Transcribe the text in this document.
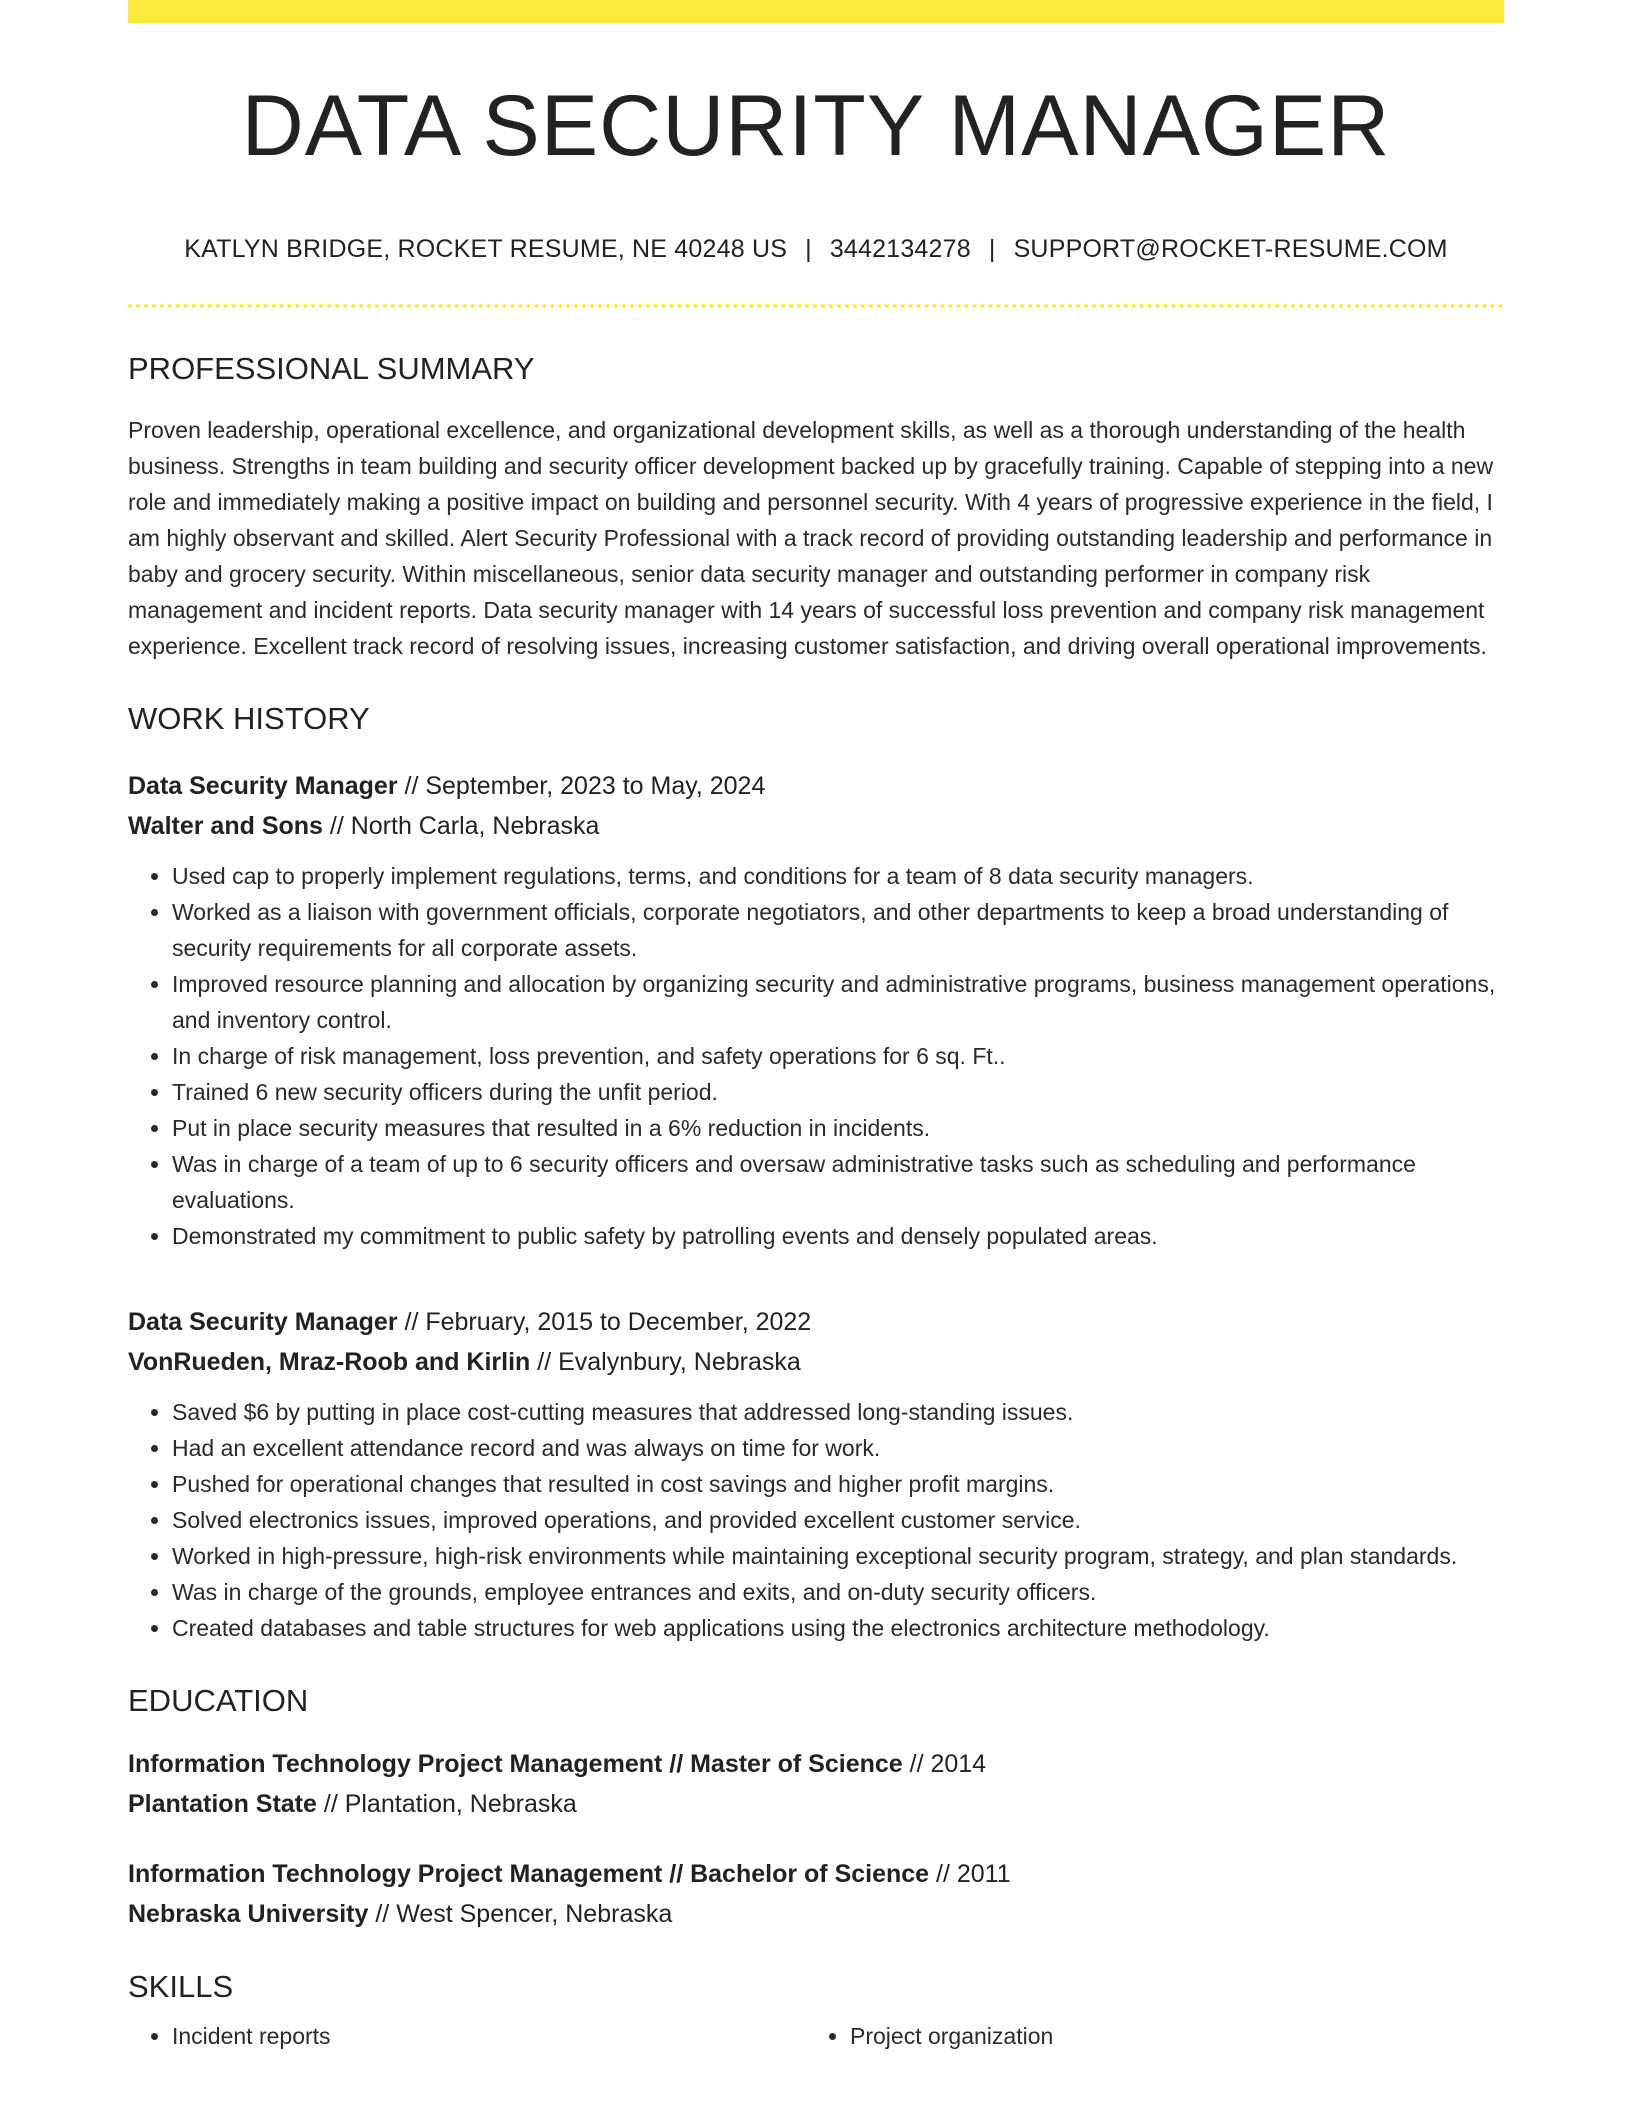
DATA SECURITY MANAGER
KATLYN BRIDGE, ROCKET RESUME, NE 40248 US | 3442134278 | SUPPORT@ROCKET-RESUME.COM
PROFESSIONAL SUMMARY

Proven leadership, operational excellence, and organizational development skills, as well as a thorough understanding of the health business. Strengths in team building and security officer development backed up by gracefully training. Capable of stepping into a new role and immediately making a positive impact on building and personnel security. With 4 years of progressive experience in the field, I am highly observant and skilled. Alert Security Professional with a track record of providing outstanding leadership and performance in baby and grocery security. Within miscellaneous, senior data security manager and outstanding performer in company risk management and incident reports. Data security manager with 14 years of successful loss prevention and company risk management experience. Excellent track record of resolving issues, increasing customer satisfaction, and driving overall operational improvements.

WORK HISTORY
Data Security Manager // September, 2023 to May, 2024
Walter and Sons // North Carla, Nebraska
• Used cap to properly implement regulations, terms, and conditions for a team of 8 data security managers.
• Worked as a liaison with government officials, corporate negotiators, and other departments to keep a broad understanding of security requirements for all corporate assets.
• Improved resource planning and allocation by organizing security and administrative programs, business management operations, and inventory control.
• In charge of risk management, loss prevention, and safety operations for 6 sq. Ft..
• Trained 6 new security officers during the unfit period.
• Put in place security measures that resulted in a 6% reduction in incidents.
• Was in charge of a team of up to 6 security officers and oversaw administrative tasks such as scheduling and performance evaluations.
• Demonstrated my commitment to public safety by patrolling events and densely populated areas.
Data Security Manager // February, 2015 to December, 2022
VonRueden, Mraz-Roob and Kirlin // Evalynbury, Nebraska
• Saved $6 by putting in place cost-cutting measures that addressed long-standing issues.
• Had an excellent attendance record and was always on time for work.
• Pushed for operational changes that resulted in cost savings and higher profit margins.
• Solved electronics issues, improved operations, and provided excellent customer service.
• Worked in high-pressure, high-risk environments while maintaining exceptional security program, strategy, and plan standards.
• Was in charge of the grounds, employee entrances and exits, and on-duty security officers.
• Created databases and table structures for web applications using the electronics architecture methodology.
EDUCATION
Information Technology Project Management // Master of Science // 2014
Plantation State // Plantation, Nebraska
Information Technology Project Management // Bachelor of Science // 2011
Nebraska University // West Spencer, Nebraska
SKILLS
• Incident reports
•	Project organization
